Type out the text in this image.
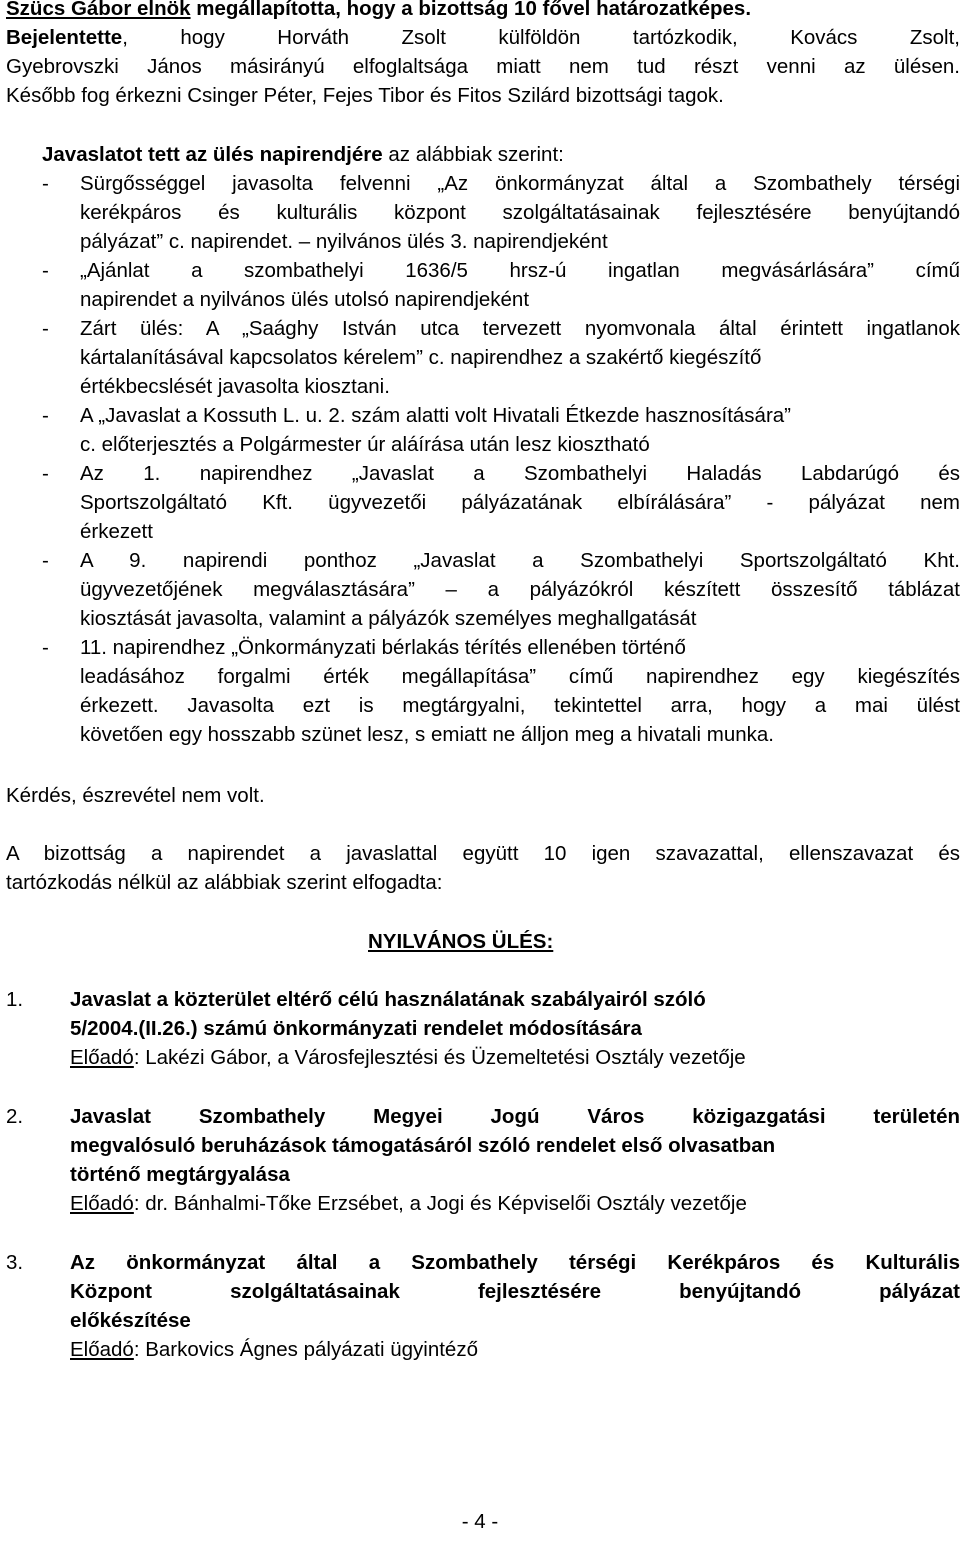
Szücs Gábor elnök megállapította, hogy a bizottság 10 fővel határozatképes.
Bejelentette, hogy Horváth Zsolt külföldön tartózkodik, Kovács Zsolt,
Gyebrovszki János másirányú elfoglaltsága miatt nem tud részt venni az ülésen.
Később fog érkezni Csinger Péter, Fejes Tibor és Fitos Szilárd bizottsági tagok.
Javaslatot tett az ülés napirendjére az alábbiak szerint:
- Sürgősséggel javasolta felvenni „Az önkormányzat által a Szombathely térségi
kerékpáros és kulturális központ szolgáltatásainak fejlesztésére benyújtandó
pályázat” c. napirendet. – nyilvános ülés 3. napirendjeként
- „Ajánlat a szombathelyi 1636/5 hrsz-ú ingatlan megvásárlására” című
napirendet a nyilvános ülés utolsó napirendjeként
- Zárt ülés: A „Saághy István utca tervezett nyomvonala által érintett ingatlanok
kártalanításával kapcsolatos kérelem” c. napirendhez a szakértő kiegészítő
értékbecslését javasolta kiosztani.
- A „Javaslat a Kossuth L. u. 2. szám alatti volt Hivatali Étkezde hasznosítására”
c. előterjesztés a Polgármester úr aláírása után lesz kiosztható
- Az 1. napirendhez „Javaslat a Szombathelyi Haladás Labdarúgó és
Sportszolgáltató Kft. ügyvezetői pályázatának elbírálására” - pályázat nem
érkezett
- A 9. napirendi ponthoz „Javaslat a Szombathelyi Sportszolgáltató Kht.
ügyvezetőjének megválasztására” – a pályázókról készített összesítő táblázat
kiosztását javasolta, valamint a pályázók személyes meghallgatását
- 11. napirendhez „Önkormányzati bérlakás térítés ellenében történő
leadásához forgalmi érték megállapítása” című napirendhez egy kiegészítés
érkezett. Javasolta ezt is megtárgyalni, tekintettel arra, hogy a mai ülést
követően egy hosszabb szünet lesz, s emiatt ne álljon meg a hivatali munka.
Kérdés, észrevétel nem volt.
A bizottság a napirendet a javaslattal együtt 10 igen szavazattal, ellenszavazat és
tartózkodás nélkül az alábbiak szerint elfogadta:
NYILVÁNOS ÜLÉS:
1. Javaslat a közterület eltérő célú használatának szabályairól szóló
5/2004.(II.26.) számú önkormányzati rendelet módosítására
Előadó: Lakézi Gábor, a Városfejlesztési és Üzemeltetési Osztály vezetője
2. Javaslat Szombathely Megyei Jogú Város közigazgatási területén
megvalósuló beruházások támogatásáról szóló rendelet első olvasatban
történő megtárgyalása
Előadó: dr. Bánhalmi-Tőke Erzsébet, a Jogi és Képviselői Osztály vezetője
3. Az önkormányzat által a Szombathely térségi Kerékpáros és Kulturális
Központ szolgáltatásainak fejlesztésére benyújtandó pályázat
előkészítése
Előadó: Barkovics Ágnes pályázati ügyintéző
- 4 -
